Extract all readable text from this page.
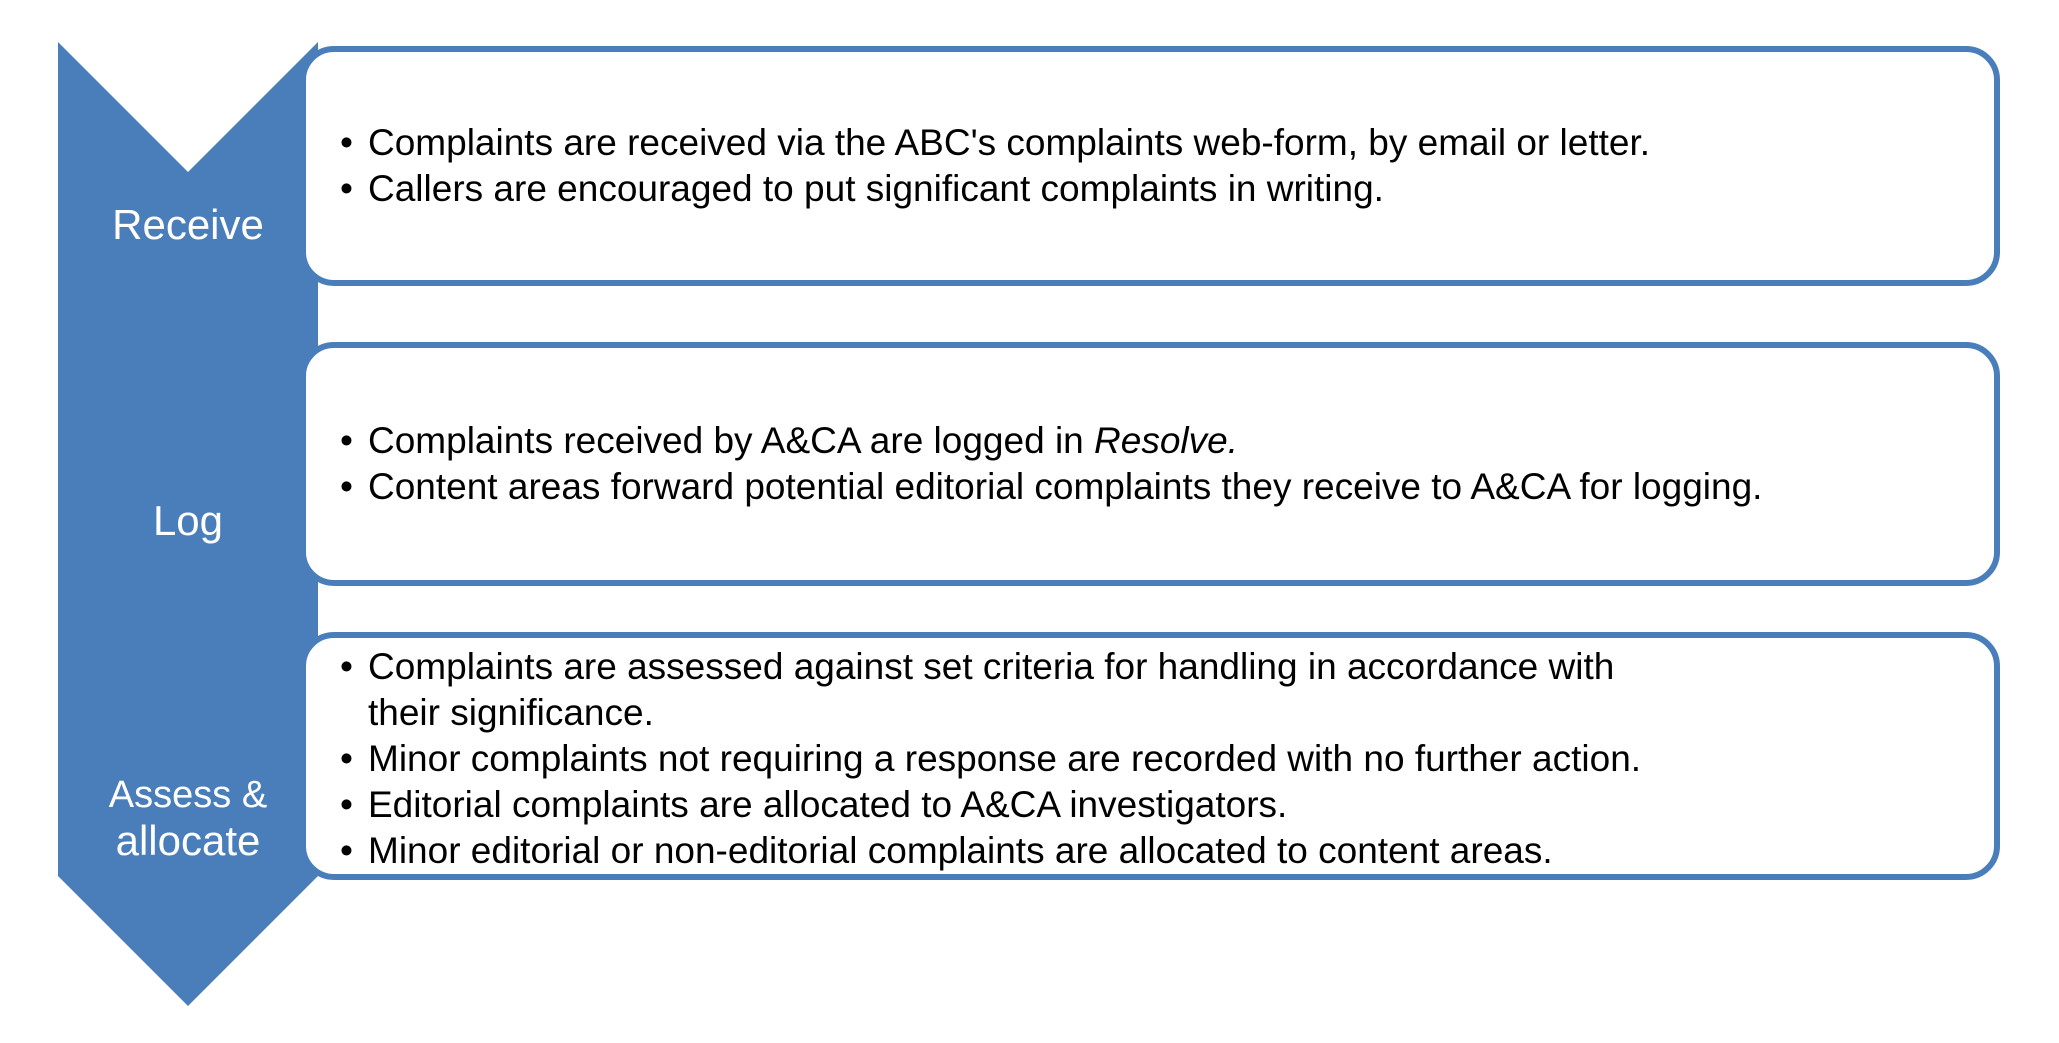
Receive
• Complaints are received via the ABC's complaints web-form, by email or letter.
• Callers are encouraged to put significant complaints in writing.
Log
• Complaints received by A&CA are logged in Resolve.
• Content areas forward potential editorial complaints they receive to A&CA for logging.
Assess &
allocate
• Complaints are assessed against set criteria for handling in accordance with their significance.
• Minor complaints not requiring a response are recorded with no further action.
• Editorial complaints are allocated to A&CA investigators.
• Minor editorial or non-editorial complaints are allocated to content areas.
